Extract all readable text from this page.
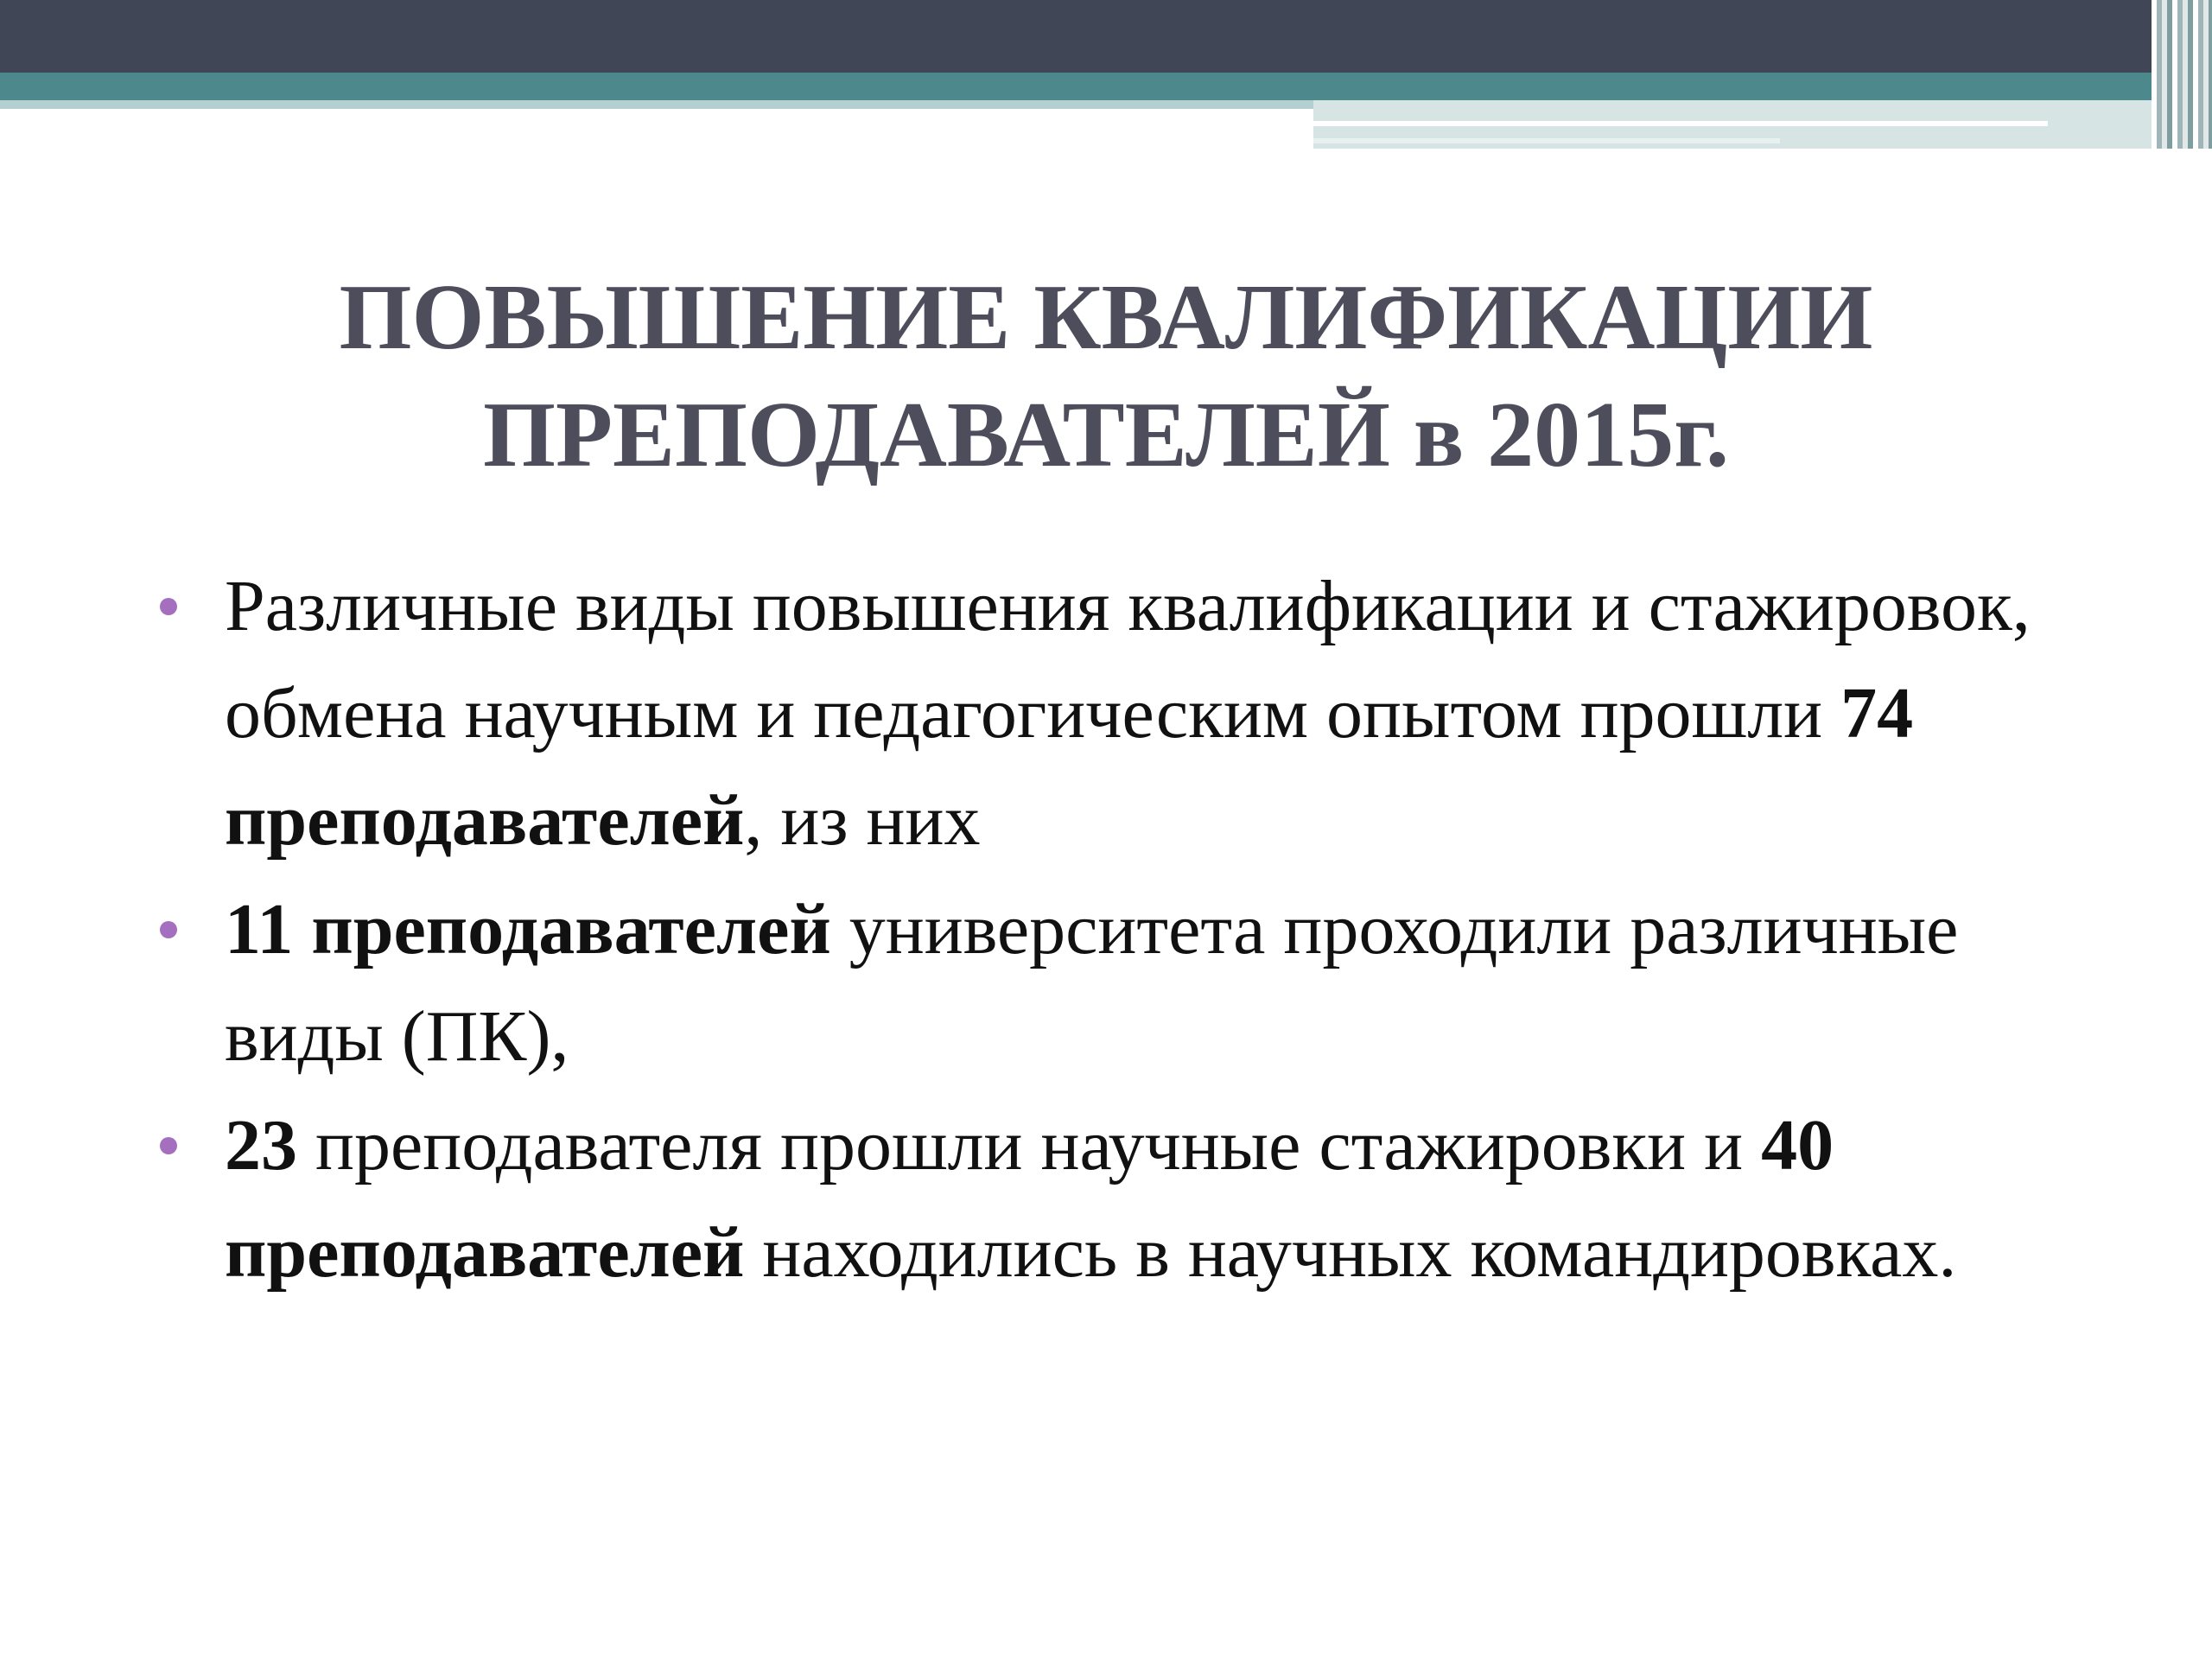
ПОВЫШЕНИЕ КВАЛИФИКАЦИИ
ПРЕПОДАВАТЕЛЕЙ в 2015г.
Различные виды повышения квалификации и стажировок, обмена научным и педагогическим опытом прошли 74 преподавателей, из них
11 преподавателей университета проходили различные виды (ПК),
23 преподавателя прошли научные стажировки и 40 преподавателей находились в научных командировках.
